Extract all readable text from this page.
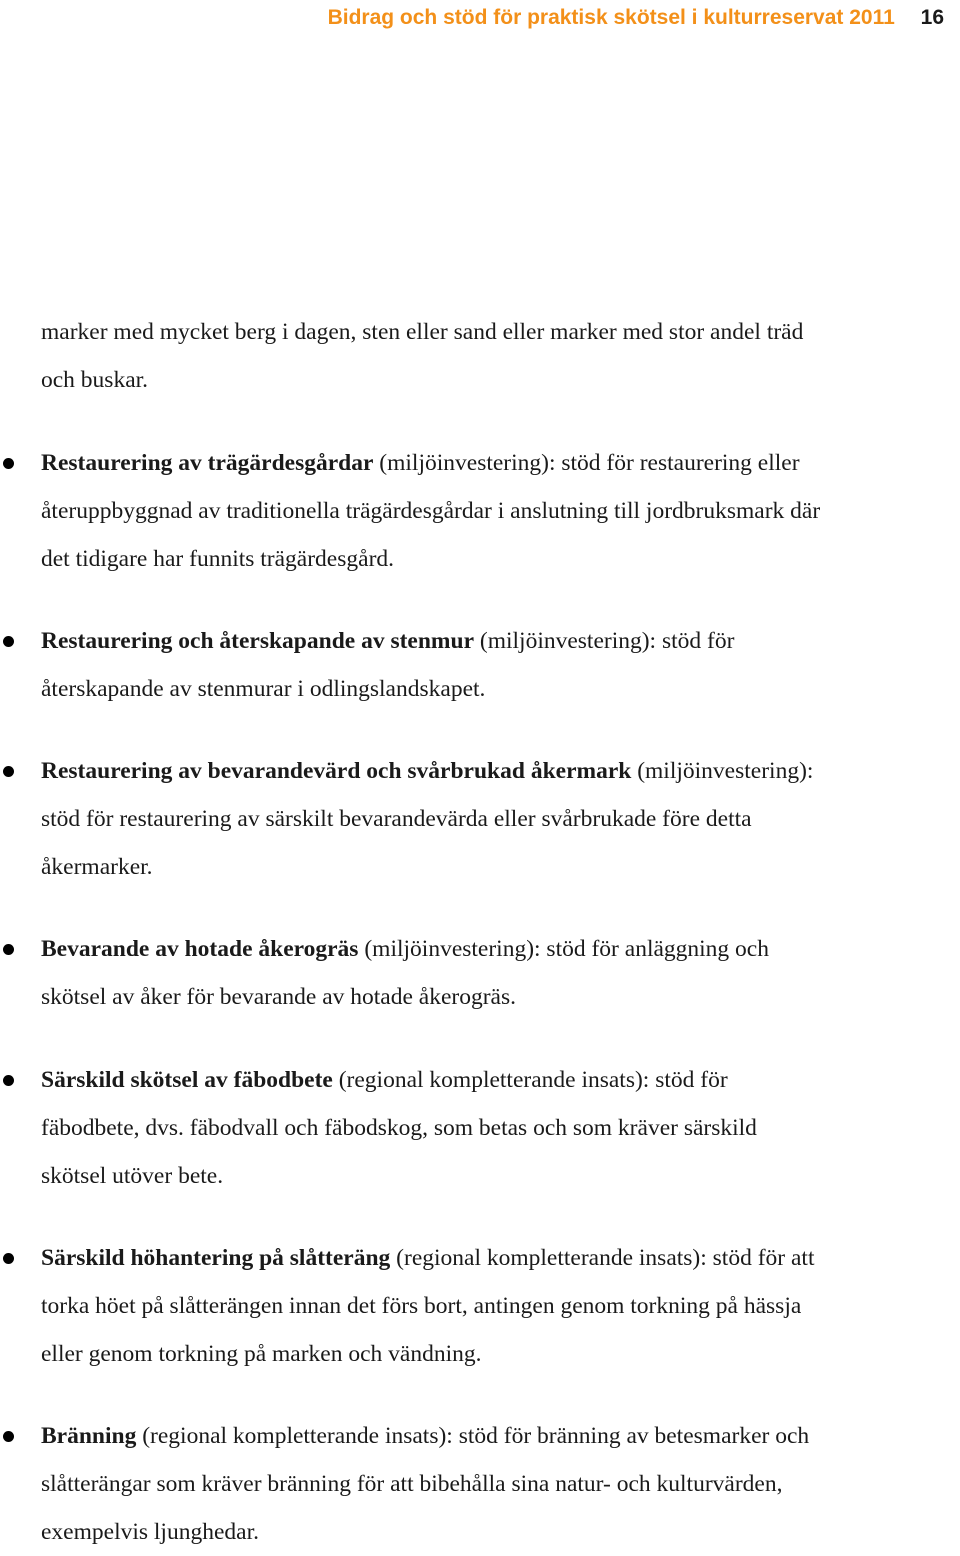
Bidrag och stöd för praktisk skötsel i kulturreservat 2011 16
marker med mycket berg i dagen, sten eller sand eller marker med stor andel träd
och buskar.
Restaurering av trägärdesgårdar (miljöinvestering): stöd för restaurering eller
återuppbyggnad av traditionella trägärdesgårdar i anslutning till jordbruksmark där
det tidigare har funnits trägärdesgård.
Restaurering och återskapande av stenmur (miljöinvestering): stöd för
återskapande av stenmurar i odlingslandskapet.
Restaurering av bevarandevärd och svårbrukad åkermark (miljöinvestering):
stöd för restaurering av särskilt bevarandevärda eller svårbrukade före detta
åkermarker.
Bevarande av hotade åkerogräs (miljöinvestering): stöd för anläggning och
skötsel av åker för bevarande av hotade åkerogräs.
Särskild skötsel av fäbodbete (regional kompletterande insats): stöd för
fäbodbete, dvs. fäbodvall och fäbodskog, som betas och som kräver särskild
skötsel utöver bete.
Särskild höhantering på slåtteräng (regional kompletterande insats): stöd för att
torka höet på slåtterängen innan det förs bort, antingen genom torkning på hässja
eller genom torkning på marken och vändning.
Bränning (regional kompletterande insats): stöd för bränning av betesmarker och
slåtterängar som kräver bränning för att bibehålla sina natur- och kulturvärden,
exempelvis ljunghedar.
